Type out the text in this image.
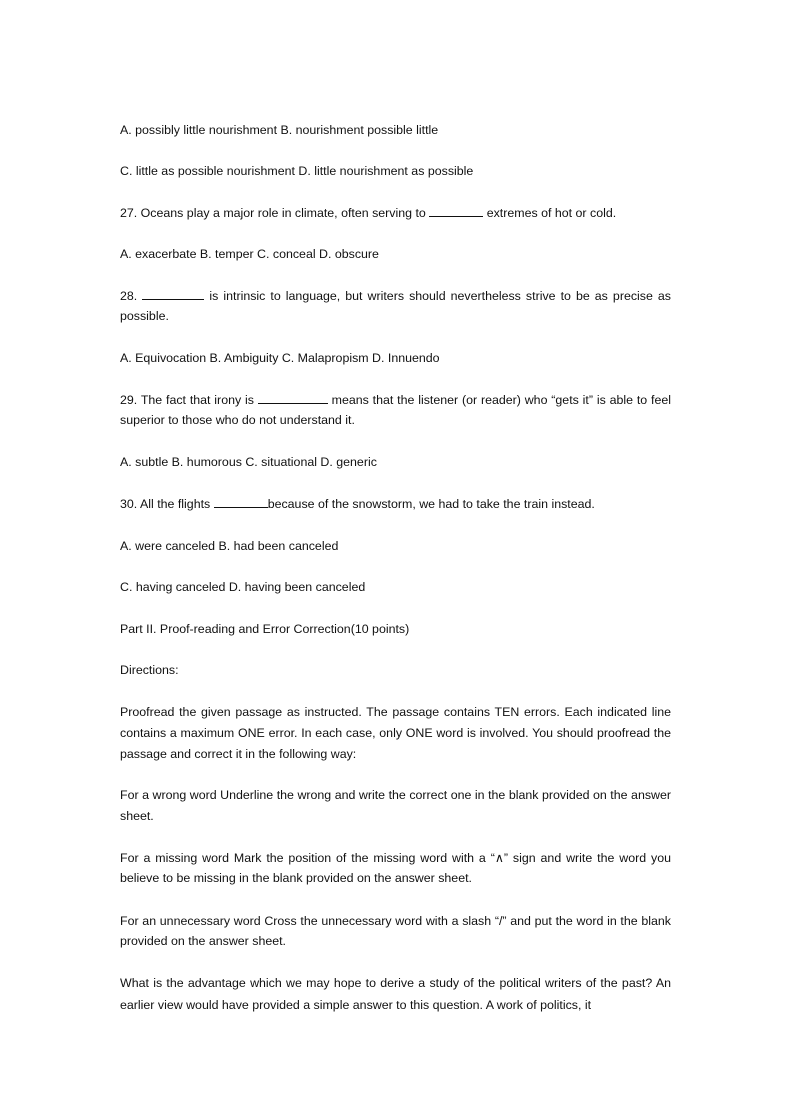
A. possibly little nourishment B. nourishment possible little

C. little as possible nourishment D. little nourishment as possible

27. Oceans play a major role in climate, often serving to	extremes of hot or cold.

A. exacerbate B. temper C. conceal D. obscure

28.	is intrinsic to language, but writers should nevertheless strive to be as precise as possible.

A. Equivocation B. Ambiguity C. Malapropism D. Innuendo

29. The fact that irony is	means that the listener (or reader) who “gets it” is able to feel superior to those who do not understand it.

A. subtle B. humorous C. situational D. generic

30. All the flights	because of the snowstorm, we had to take the train instead.

A. were canceled B. had been canceled

C. having canceled D. having been canceled

Part II. Proof-reading and Error Correction(10 points)

Directions:

Proofread the given passage as instructed. The passage contains TEN errors. Each indicated line contains a maximum ONE error. In each case, only ONE word is involved. You should proofread the passage and correct it in the following way:

For a wrong word Underline the wrong and write the correct one in the blank provided on the answer sheet.

For a missing word Mark the position of the missing word with a “∧” sign and write the word you believe to be missing in the blank provided on the answer sheet.

For an unnecessary word Cross the unnecessary word with a slash “/” and put the word in the blank provided on the answer sheet.

What is the advantage which we may hope to derive a study of the political writers of the past? An earlier view would have provided a simple answer to this question. A work of politics, it
